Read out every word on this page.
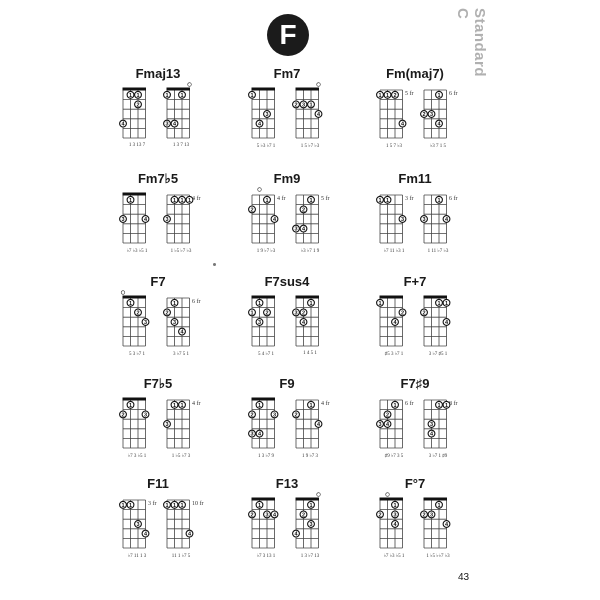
F	Standard C
Fmaj13
1 1
2
4
1 3 13 7
1 1
3 4
1 3 7 13
Fm7
1
3
4
5 ♭3 ♭7 1
2 3 1
4
1 5 ♭7 ♭3
Fm(maj7)
1 1 2
4
5 fr
1 5 7 ♭3
1
2 3
4
6 fr
♭3 7 1 5
Fm7♭5
1
3	4
♭7 ♭3 ♭5 1
1 1 1
3
4 fr
1 ♭5 ♭7 ♭3
Fm9
1
2
4
4 fr
1 9 ♭7 ♭3
1
2
3 4
5 fr
♭3 ♭7 1 9
Fm11
1 1
3
3 fr
♭7 11 ♭3 1
1
3	4
6 fr
1 11 ♭7 ♭3
F7
1
2
3
5 3 ♭7 1
1
2
3
4
6 fr
3 ♭7 5 1
F7sus4
1
1 2
3
5 4 ♭7 1
1
3 2
4
1 4 5 1
F+7
1
2
4
♯5 3 ♭7 1
1 1
2
4
3 ♭7 ♯5 1
F7♭5
1
2	3
♭7 3 ♭5 1
1 1
3
4 fr
1 ♭5 ♭7 3
F9
1
2	3
3 4
1 3 ♭7 9
1
2
4
4 fr
1 9 ♭7 3
F7♯9
1
2
3 4
6 fr
♯9 ♭7 3 5
1 1
3
4
8 fr
3 ♭7 1 ♯9
F11
1 1
3
4
3 fr
♭7 11 1 3
1 1 1
4
10 fr
11 1 ♭7 5
F13
1
2 3 4
♭7 3 13 1
1
2
3
4
1 3 ♭7 13
F°7
2
1
3
4
♭7 ♭3 ♭5 1
1
2 3
4
1 ♭5 ♭♭7 ♭3
43
